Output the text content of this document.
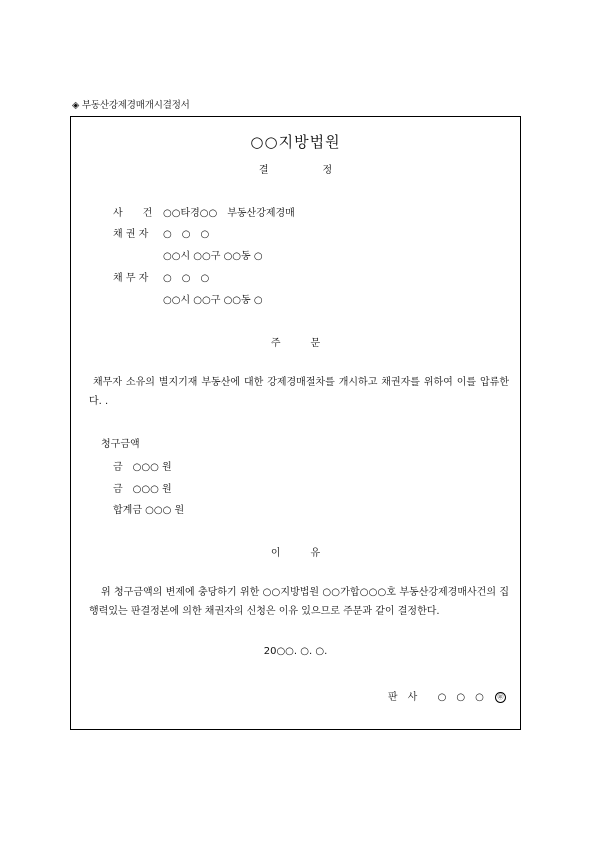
◈ 부동산강제경매개시결정서
○○지방법원
결　정
사　　건 ○○타경○○　부동산강제경매
채 권 자 ○　○　○
○○시 ○○구 ○○동 ○
채 무 자 ○　○　○
○○시 ○○구 ○○동 ○
주　　　문
채무자 소유의 별지기재 부동산에 대한 강제경매절차를 개시하고 채권자를 위하여 이를 압류한다. .
청구금액
금　○○○ 원
금　○○○ 원
합계금 ○○○ 원
이　　　유
위 청구금액의 변제에 충당하기 위한 ○○지방법원 ○○가합○○○호 부동산강제경매사건의 집행력있는 판결정본에 의한 채권자의 신청은 이유 있으므로 주문과 같이 결정한다.
20○○. ○. ○.
판　사 ○　○　○ ㊞
